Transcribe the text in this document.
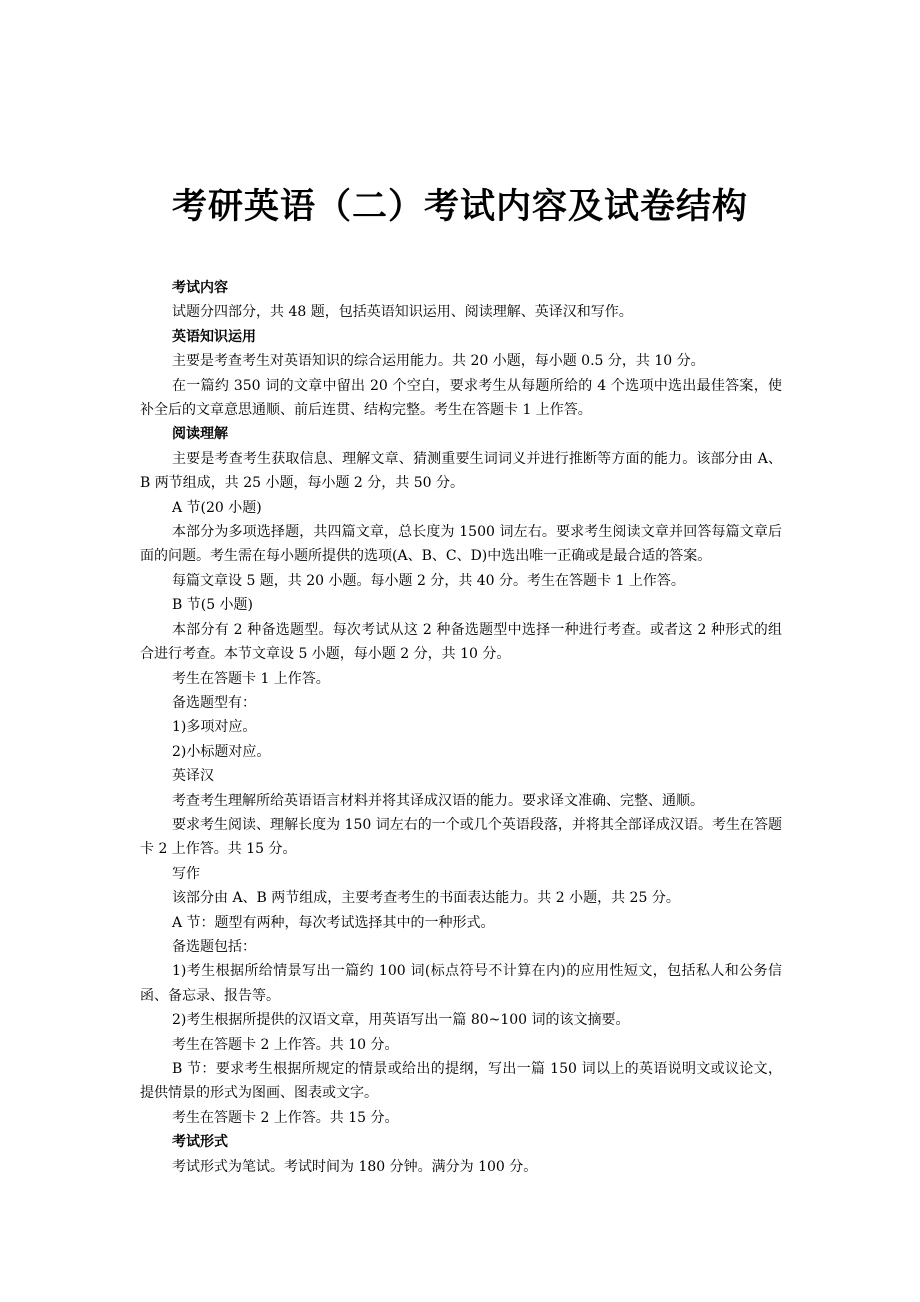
考研英语（二）考试内容及试卷结构

考试内容

试题分四部分，共 48 题，包括英语知识运用、阅读理解、英译汉和写作。

英语知识运用

主要是考查考生对英语知识的综合运用能力。共 20 小题，每小题 0.5 分，共 10 分。

在一篇约 350 词的文章中留出 20 个空白，要求考生从每题所给的 4 个选项中选出最佳答案，使补全后的文章意思通顺、前后连贯、结构完整。考生在答题卡 1 上作答。

阅读理解

主要是考查考生获取信息、理解文章、猜测重要生词词义并进行推断等方面的能力。该部分由 A、B 两节组成，共 25 小题，每小题 2 分，共 50 分。

A 节(20 小题)

本部分为多项选择题，共四篇文章，总长度为 1500 词左右。要求考生阅读文章并回答每篇文章后面的问题。考生需在每小题所提供的选项(A、B、C、D)中选出唯一正确或是最合适的答案。

每篇文章设 5 题，共 20 小题。每小题 2 分，共 40 分。考生在答题卡 1 上作答。

B 节(5 小题)

本部分有 2 种备选题型。每次考试从这 2 种备选题型中选择一种进行考查。或者这 2 种形式的组合进行考查。本节文章设 5 小题，每小题 2 分，共 10 分。

考生在答题卡 1 上作答。

备选题型有：

1)多项对应。

2)小标题对应。

英译汉

考查考生理解所给英语语言材料并将其译成汉语的能力。要求译文准确、完整、通顺。

要求考生阅读、理解长度为 150 词左右的一个或几个英语段落，并将其全部译成汉语。考生在答题卡 2 上作答。共 15 分。

写作

该部分由 A、B 两节组成，主要考查考生的书面表达能力。共 2 小题，共 25 分。

A 节：题型有两种，每次考试选择其中的一种形式。

备选题包括：

1)考生根据所给情景写出一篇约 100 词(标点符号不计算在内)的应用性短文，包括私人和公务信函、备忘录、报告等。

2)考生根据所提供的汉语文章，用英语写出一篇 80~100 词的该文摘要。

考生在答题卡 2 上作答。共 10 分。

B 节：要求考生根据所规定的情景或给出的提纲，写出一篇 150 词以上的英语说明文或议论文，提供情景的形式为图画、图表或文字。

考生在答题卡 2 上作答。共 15 分。

考试形式

考试形式为笔试。考试时间为 180 分钟。满分为 100 分。
